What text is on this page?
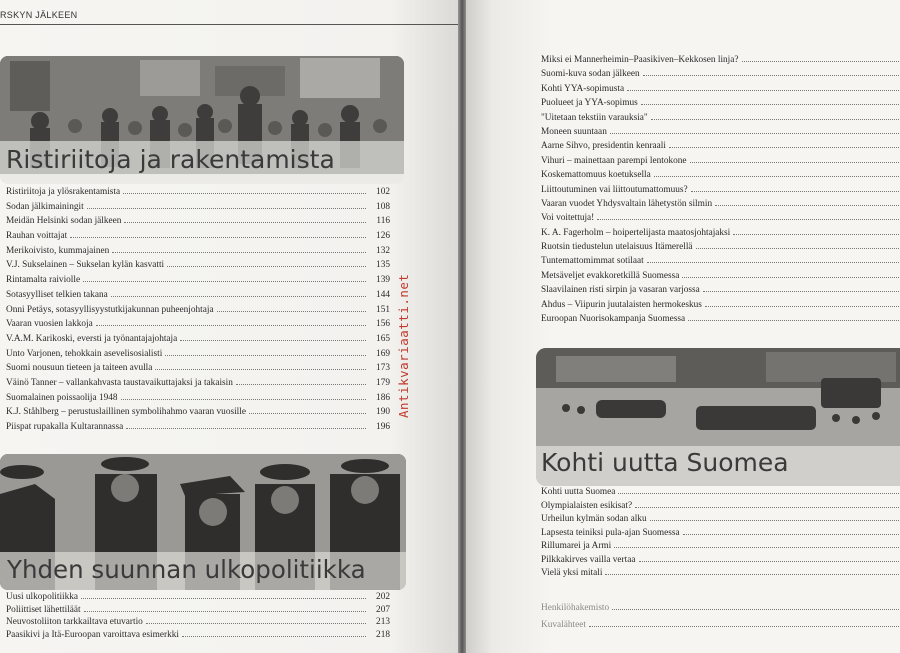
RSKYN JÄLKEEN
Ristiriitoja ja rakentamista
Ristiriitoja ja ylösrakentamista	102
Sodan jälkimainingit	108
Meidän Helsinki sodan jälkeen	116
Rauhan voittajat	126
Merikoivisto, kummajainen	132
V.J. Sukselainen – Sukselan kylän kasvatti	135
Rintamalta raiviolle	139
Sotasyylliset telkien takana	144
Onni Petäys, sotasyyllisyystutkijakunnan puheenjohtaja	151
Vaaran vuosien lakkoja	156
V.A.M. Karikoski, eversti ja työnantajajohtaja	165
Unto Varjonen, tehokkain asevelisosialisti	169
Suomi nousuun tieteen ja taiteen avulla	173
Väinö Tanner – vallankahvasta taustavaikuttajaksi ja takaisin	179
Suomalainen poissaolija 1948	186
K.J. Ståhlberg – perustuslaillinen symbolihahmo vaaran vuosille	190
Piispat rupakalla Kultarannassa	196
Yhden suunnan ulkopolitiikka
Uusi ulkopolitiikka	202
Poliittiset lähettiläät	207
Neuvostoliiton tarkkailtava etuvartio	213
Paasikivi ja Itä-Euroopan varoittava esimerkki	218
Antikvariaatti.net
Miksi ei Mannerheimin–Paasikiven–Kekkosen linja?
Suomi-kuva sodan jälkeen
Kohti YYA-sopimusta
Puolueet ja YYA-sopimus
"Uitetaan tekstiin varauksia"
Moneen suuntaan
Aarne Sihvo, presidentin kenraali
Vihuri – mainettaan parempi lentokone
Koskemattomuus koetuksella
Liittoutuminen vai liittoutumattomuus?
Vaaran vuodet Yhdysvaltain lähetystön silmin
Voi voitettuja!
K. A. Fagerholm – hoipertelijasta maatosjohtajaksi
Ruotsin tiedustelun utelaisuus Itämerellä
Tuntemattomimmat sotilaat
Metsäveljet evakkoretkillä Suomessa
Slaavilainen risti sirpin ja vasaran varjossa
Ahdus – Viipurin juutalaisten hermokeskus
Euroopan Nuorisokampanja Suomessa
Kohti uutta Suomea
Kohti uutta Suomea
Olympialaisten esikisat?
Urheilun kylmän sodan alku
Lapsesta teiniksi pula-ajan Suomessa
Rillumarei ja Armi
Pilkkakirves vailla vertaa
Vielä yksi mitali
Henkilöhakemisto
Kuvalähteet
